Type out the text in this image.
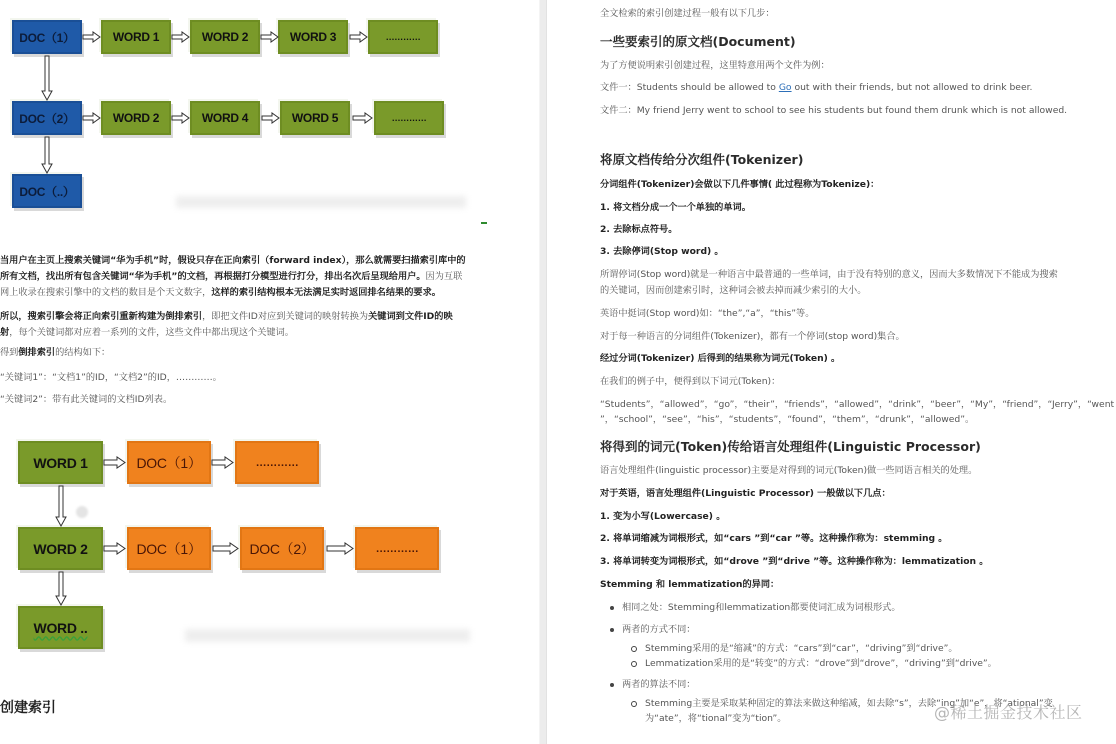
DOC（1）	WORD 1	WORD 2	WORD 3	…………
DOC（2）	WORD 2	WORD 4	WORD 5	…………
DOC（..）
当用户在主页上搜索关键词“华为手机”时，假设只存在正向索引（forward index），那么就需要扫描索引库中的
所有文档，找出所有包含关键词“华为手机”的文档，再根据打分模型进行打分，排出名次后呈现给用户。因为互联
网上收录在搜索引擎中的文档的数目是个天文数字，这样的索引结构根本无法满足实时返回排名结果的要求。
所以，搜索引擎会将正向索引重新构建为倒排索引，即把文件ID对应到关键词的映射转换为关键词到文件ID的映
射，每个关键词都对应着一系列的文件，这些文件中都出现这个关键词。
得到倒排索引的结构如下：
“关键词1”：“文档1”的ID，“文档2”的ID，…………。
“关键词2”：带有此关键词的文档ID列表。
WORD 1	DOC（1）	…………
WORD 2	DOC（1）	DOC（2）	…………
WORD ..
创建索引
全文检索的索引创建过程一般有以下几步：
一些要索引的原文档(Document)
为了方便说明索引创建过程，这里特意用两个文件为例：
文件一：Students should be allowed to Go out with their friends, but not allowed to drink beer.
文件二：My friend Jerry went to school to see his students but found them drunk which is not allowed.
将原文档传给分次组件(Tokenizer)
分词组件(Tokenizer)会做以下几件事情( 此过程称为Tokenize)：
1. 将文档分成一个一个单独的单词。
2. 去除标点符号。
3. 去除停词(Stop word) 。
所谓停词(Stop word)就是一种语言中最普通的一些单词，由于没有特别的意义，因而大多数情况下不能成为搜索
的关键词，因而创建索引时，这种词会被去掉而减少索引的大小。
英语中挺词(Stop word)如：“the”,“a”，“this”等。
对于每一种语言的分词组件(Tokenizer)，都有一个停词(stop word)集合。
经过分词(Tokenizer) 后得到的结果称为词元(Token) 。
在我们的例子中，便得到以下词元(Token)：
“Students”，“allowed”，“go”，“their”，“friends”，“allowed”，“drink”，“beer”，“My”，“friend”，“Jerry”，“went
”，“school”，“see”，“his”，“students”，“found”，“them”，“drunk”，“allowed”。
将得到的词元(Token)传给语言处理组件(Linguistic Processor)
语言处理组件(linguistic processor)主要是对得到的词元(Token)做一些同语言相关的处理。
对于英语，语言处理组件(Linguistic Processor) 一般做以下几点：
1. 变为小写(Lowercase) 。
2. 将单词缩减为词根形式，如“cars ”到“car ”等。这种操作称为：stemming 。
3. 将单词转变为词根形式，如“drove ”到“drive ”等。这种操作称为：lemmatization 。
Stemming 和 lemmatization的异同：
相同之处：Stemming和lemmatization都要使词汇成为词根形式。
两者的方式不同：
Stemming采用的是“缩减”的方式：“cars”到“car”，“driving”到“drive”。
Lemmatization采用的是“转变”的方式：“drove”到“drove”，“driving”到“drive”。
两者的算法不同：
Stemming主要是采取某种固定的算法来做这种缩减，如去除“s”，去除“ing”加“e”，将“ational”变
为“ate”，将“tional”变为“tion”。	@稀土掘金技术社区
